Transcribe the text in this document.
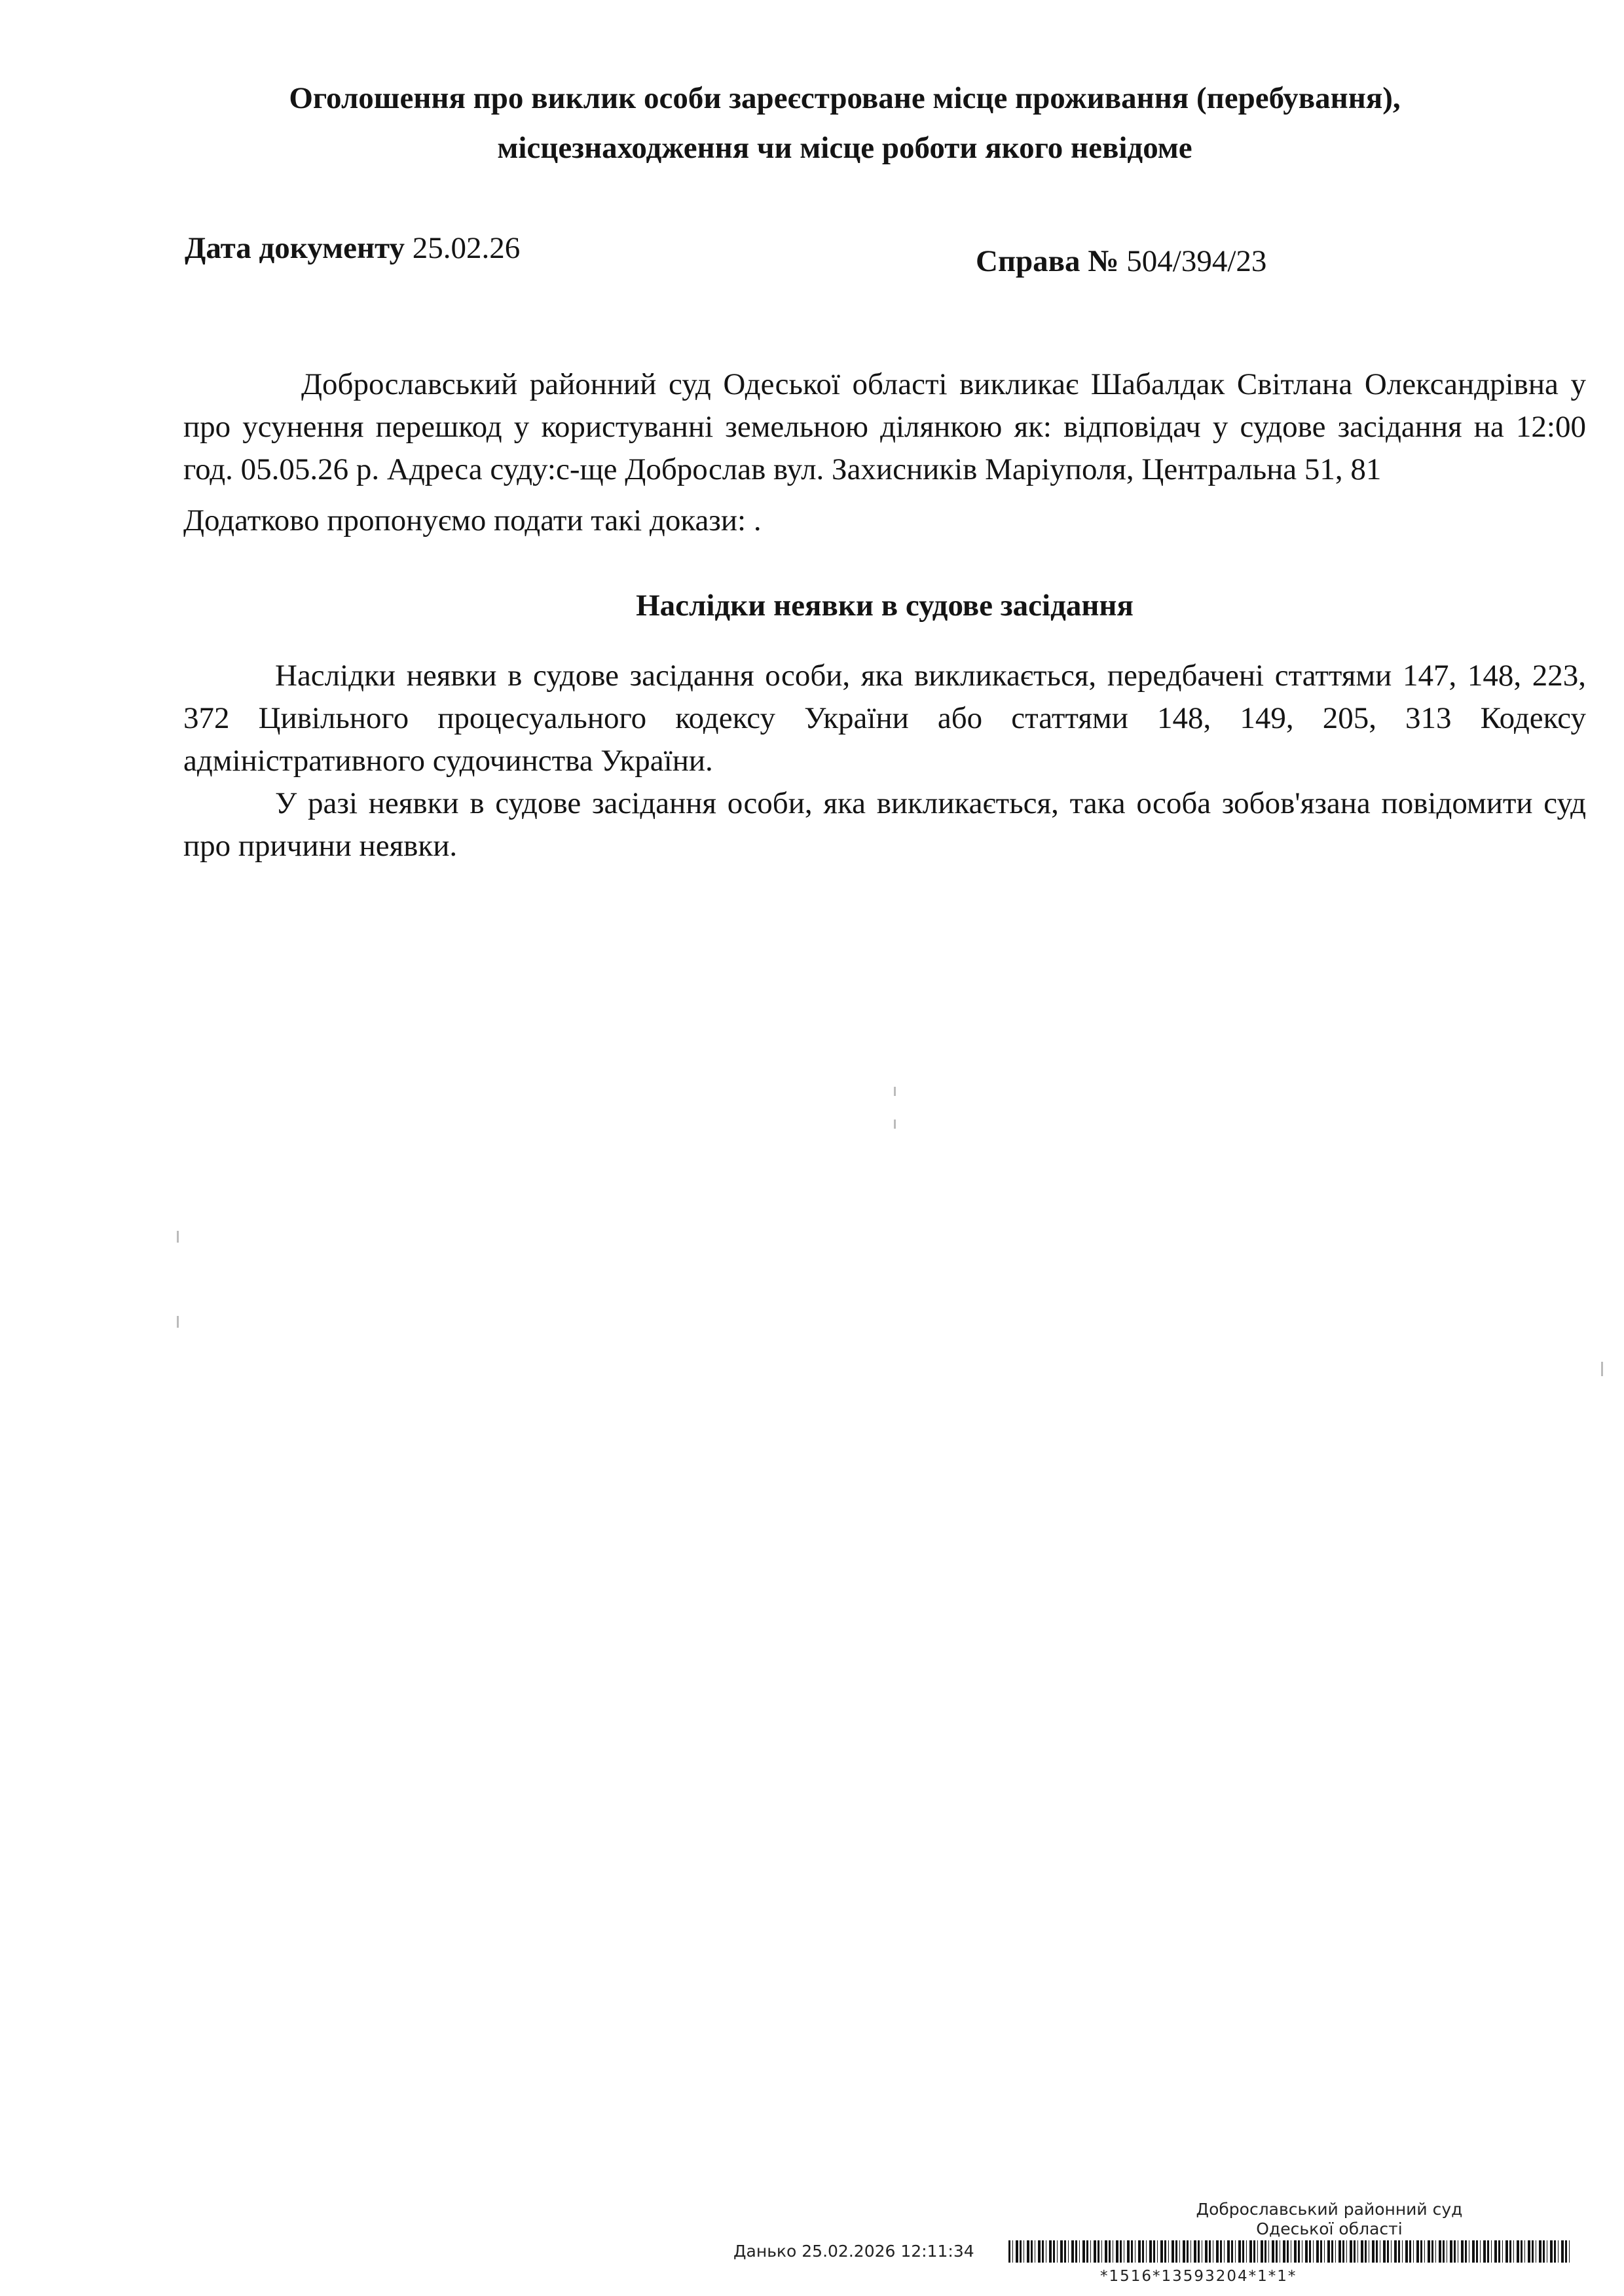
Оголошення про виклик особи зареєстроване місце проживання (перебування),
місцезнаходження чи місце роботи якого невідоме
Дата документу 25.02.26	Справа № 504/394/23
Доброславський районний суд Одеської області викликає Шабалдак Світлана Олександрівна у про усунення перешкод у користуванні земельною ділянкою як: відповідач у судове засідання на 12:00 год. 05.05.26 р. Адреса суду:с-ще Доброслав вул. Захисників Маріуполя, Центральна 51, 81
Додатково пропонуємо подати такі докази: .
Наслідки неявки в судове засідання
Наслідки неявки в судове засідання особи, яка викликається, передбачені статтями 147, 148, 223, 372 Цивільного процесуального кодексу України або статтями 148, 149, 205, 313 Кодексу адміністративного судочинства України.
У разі неявки в судове засідання особи, яка викликається, така особа зобов'язана повідомити суд про причини неявки.
Доброславський районний суд
Одеської області
Данько 25.02.2026 12:11:34
*1516*13593204*1*1*
